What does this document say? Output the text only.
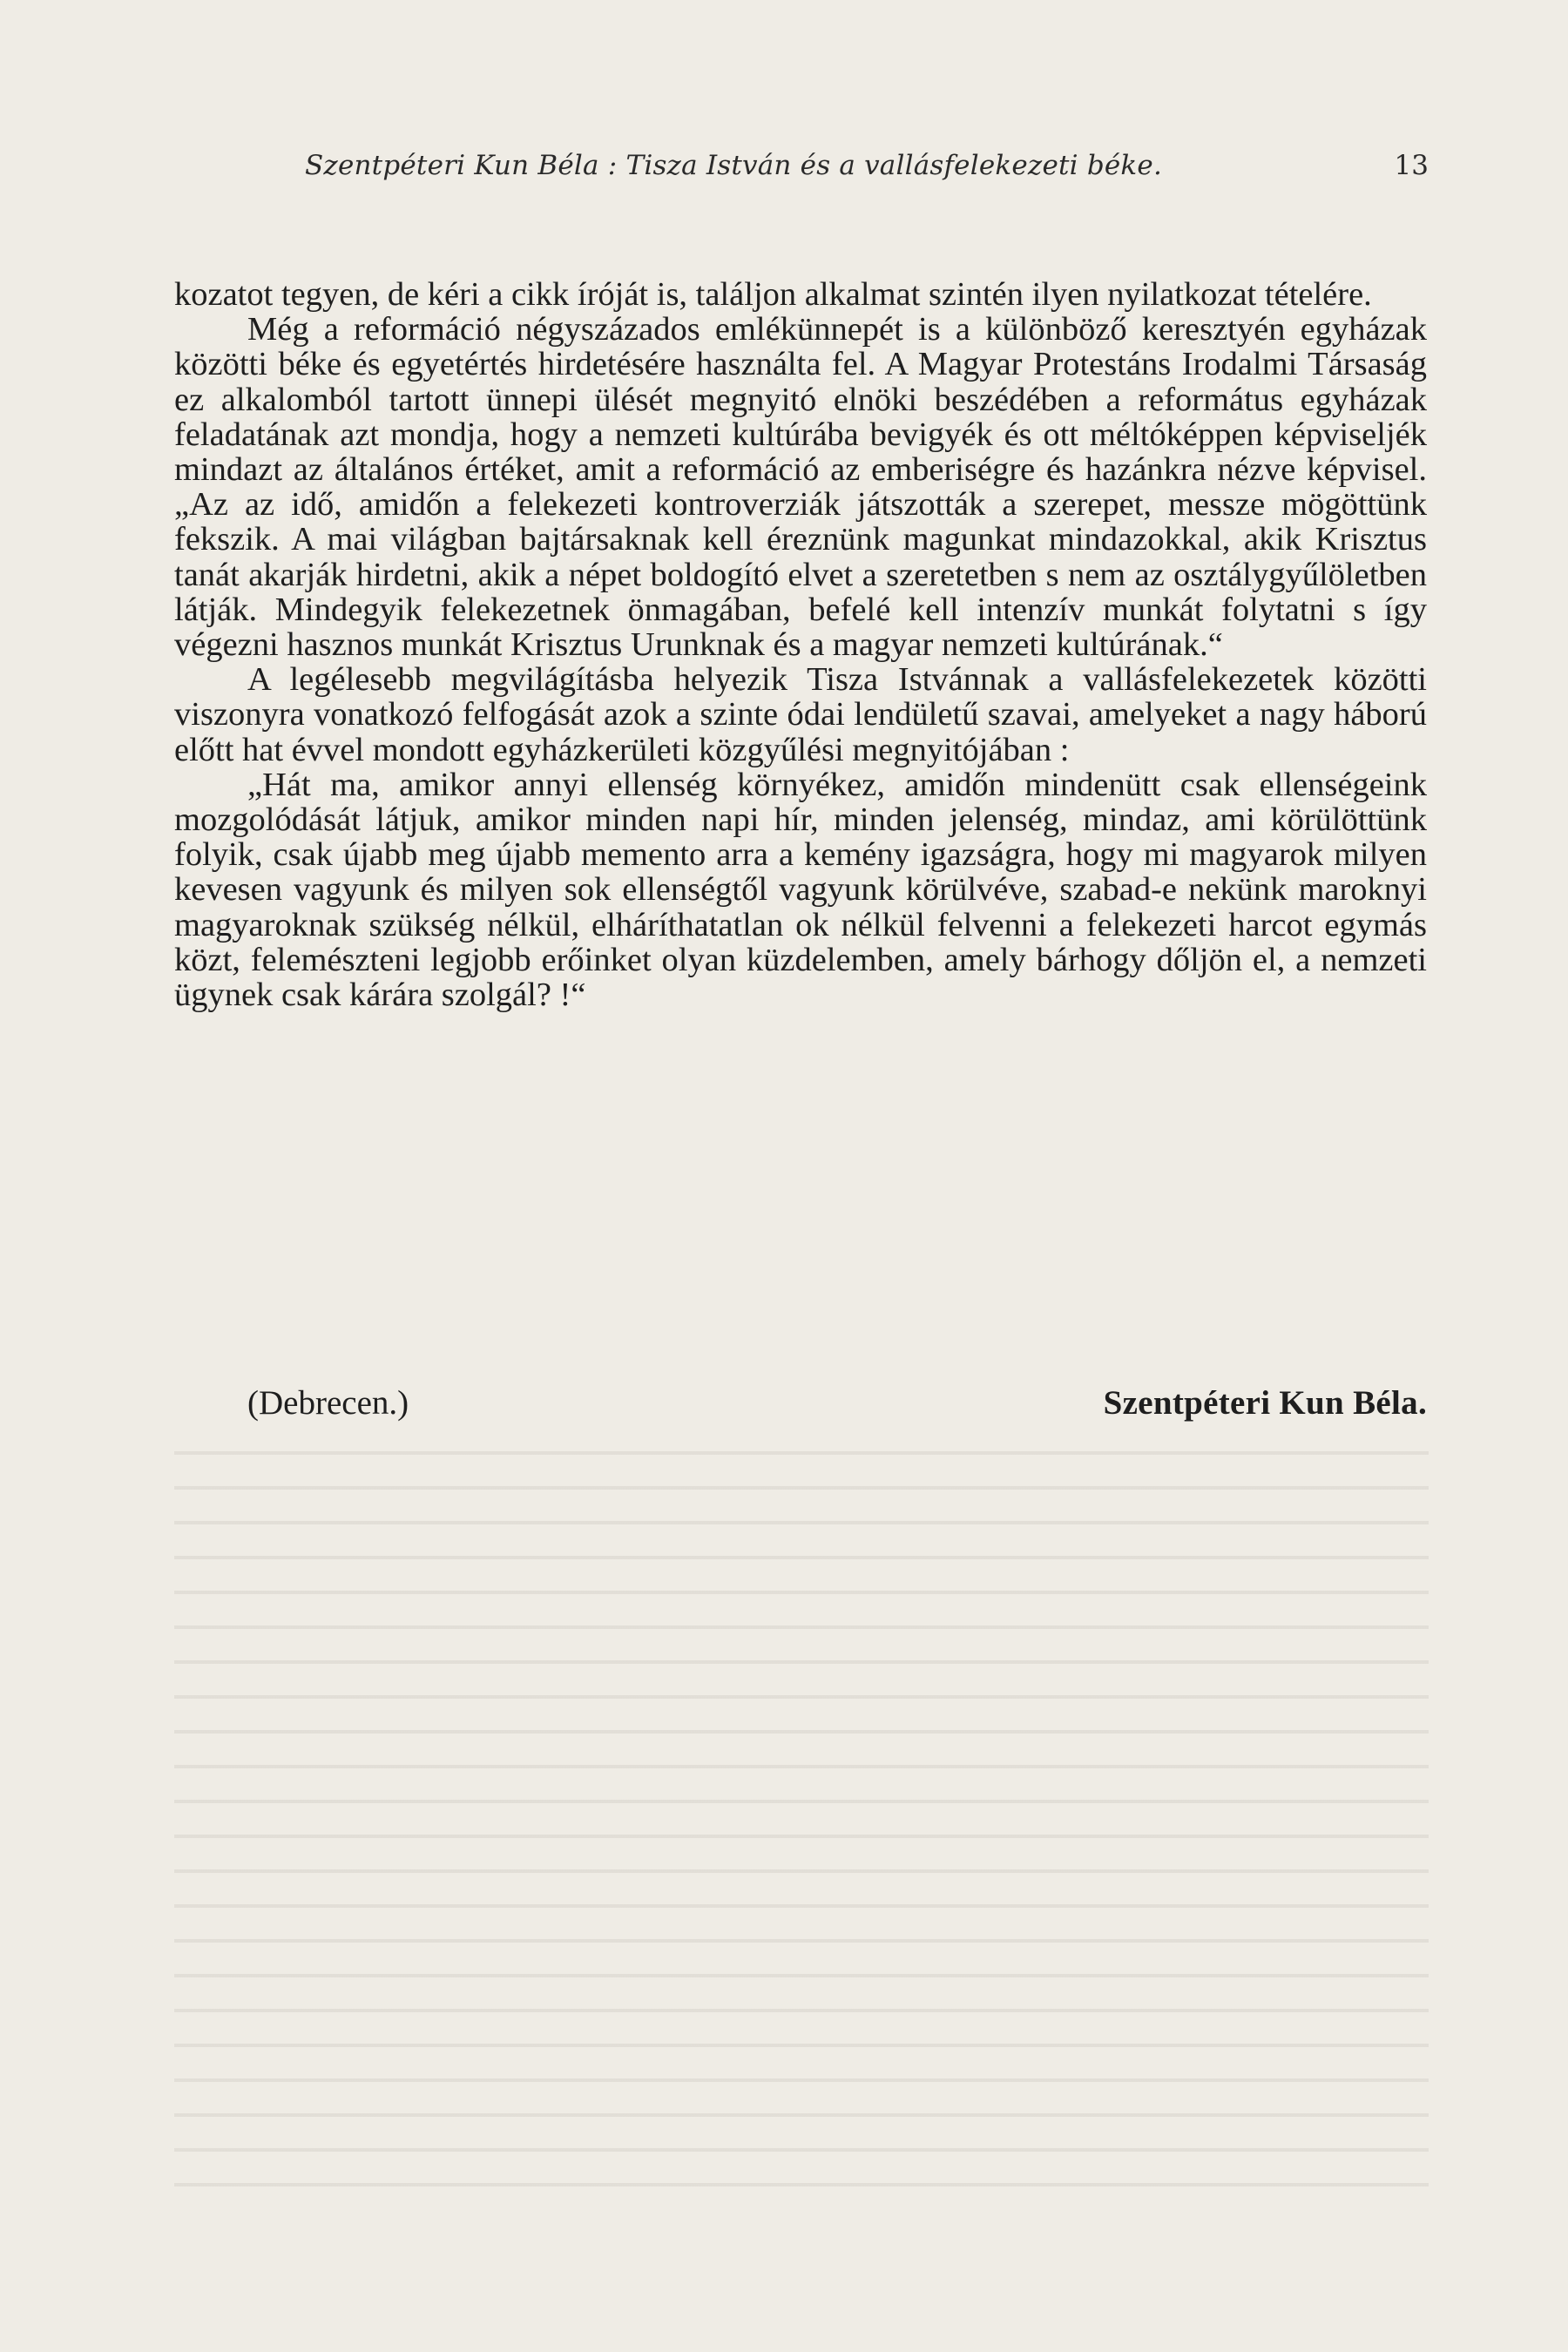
Szentpéteri Kun Béla : Tisza István és a vallásfelekezeti béke.	13

kozatot tegyen, de kéri a cikk íróját is, találjon alkalmat szintén ilyen nyilatkozat tételére.

Még a reformáció négyszázados emlékünnepét is a különböző keresztyén egyházak közötti béke és egyetértés hirdetésére használta fel. A Magyar Protestáns Irodalmi Társaság ez alkalomból tartott ünnepi ülését megnyitó elnöki beszédében a református egyházak feladatának azt mondja, hogy a nemzeti kultúrába bevigyék és ott méltóképpen képviseljék mindazt az általános értéket, amit a reformáció az emberiségre és hazánkra nézve képvisel. „Az az idő, amidőn a felekezeti kontroverziák játszották a szerepet, messze mögöttünk fekszik. A mai világban bajtársaknak kell éreznünk magunkat mindazokkal, akik Krisztus tanát akarják hirdetni, akik a népet boldogító elvet a szeretetben s nem az osztálygyűlöletben látják. Mindegyik felekezetnek önmagában, befelé kell intenzív munkát folytatni s így végezni hasznos munkát Krisztus Urunknak és a magyar nemzeti kultúrának.“

A legélesebb megvilágításba helyezik Tisza Istvánnak a vallásfelekezetek közötti viszonyra vonatkozó felfogását azok a szinte ódai lendületű szavai, amelyeket a nagy háború előtt hat évvel mondott egyházkerületi közgyűlési megnyitójában :

„Hát ma, amikor annyi ellenség környékez, amidőn mindenütt csak ellenségeink mozgolódását látjuk, amikor minden napi hír, minden jelenség, mindaz, ami körülöttünk folyik, csak újabb meg újabb memento arra a kemény igazságra, hogy mi magyarok milyen kevesen vagyunk és milyen sok ellenségtől vagyunk körülvéve, szabad-e nekünk maroknyi magyaroknak szükség nélkül, elháríthatatlan ok nélkül felvenni a felekezeti harcot egymás közt, felemészteni legjobb erőinket olyan küzdelemben, amely bárhogy dőljön el, a nemzeti ügynek csak kárára szolgál? !“

(Debrecen.)	Szentpéteri Kun Béla.
